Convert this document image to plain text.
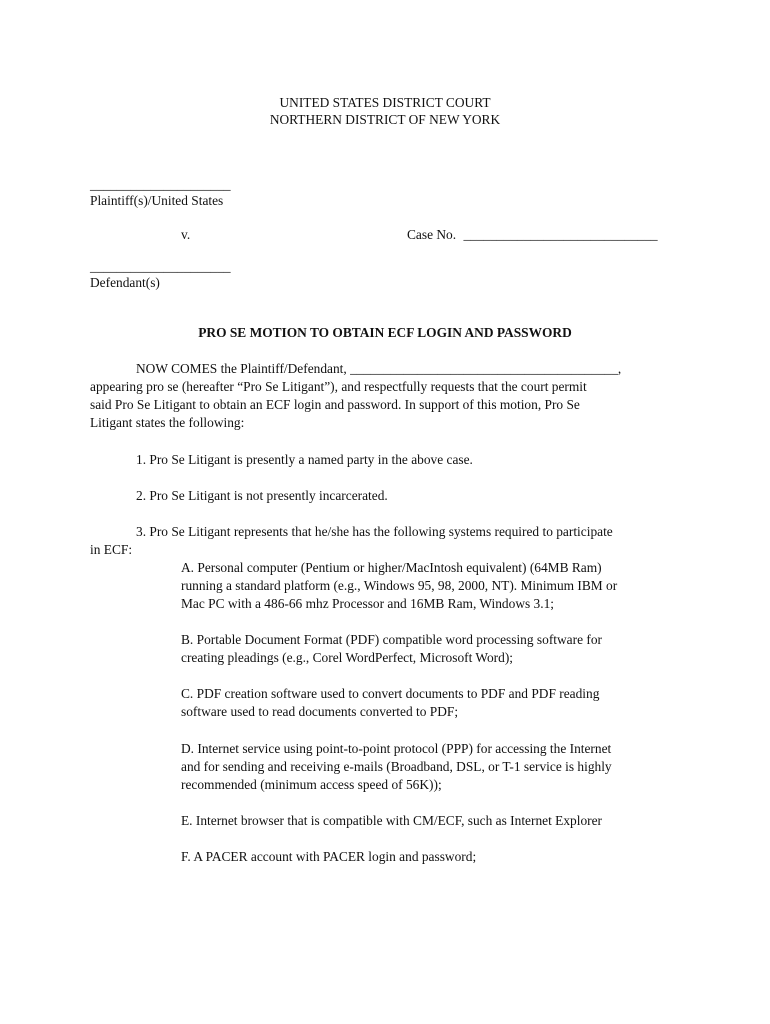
UNITED STATES DISTRICT COURT
NORTHERN DISTRICT OF NEW YORK
_____________________
Plaintiff(s)/United States
v.	Case No. _____________________________
_____________________
Defendant(s)
PRO SE MOTION TO OBTAIN ECF LOGIN AND PASSWORD
NOW COMES the Plaintiff/Defendant, ________________________________________,
appearing pro se (hereafter “Pro Se Litigant”), and respectfully requests that the court permit
said Pro Se Litigant to obtain an ECF login and password. In support of this motion, Pro Se
Litigant states the following:
1. Pro Se Litigant is presently a named party in the above case.
2. Pro Se Litigant is not presently incarcerated.
3. Pro Se Litigant represents that he/she has the following systems required to participate
in ECF:
A. Personal computer (Pentium or higher/MacIntosh equivalent) (64MB Ram)
running a standard platform (e.g., Windows 95, 98, 2000, NT). Minimum IBM or
Mac PC with a 486-66 mhz Processor and 16MB Ram, Windows 3.1;
B. Portable Document Format (PDF) compatible word processing software for
creating pleadings (e.g., Corel WordPerfect, Microsoft Word);
C. PDF creation software used to convert documents to PDF and PDF reading
software used to read documents converted to PDF;
D. Internet service using point-to-point protocol (PPP) for accessing the Internet
and for sending and receiving e-mails (Broadband, DSL, or T-1 service is highly
recommended (minimum access speed of 56K));
E. Internet browser that is compatible with CM/ECF, such as Internet Explorer
F. A PACER account with PACER login and password;
